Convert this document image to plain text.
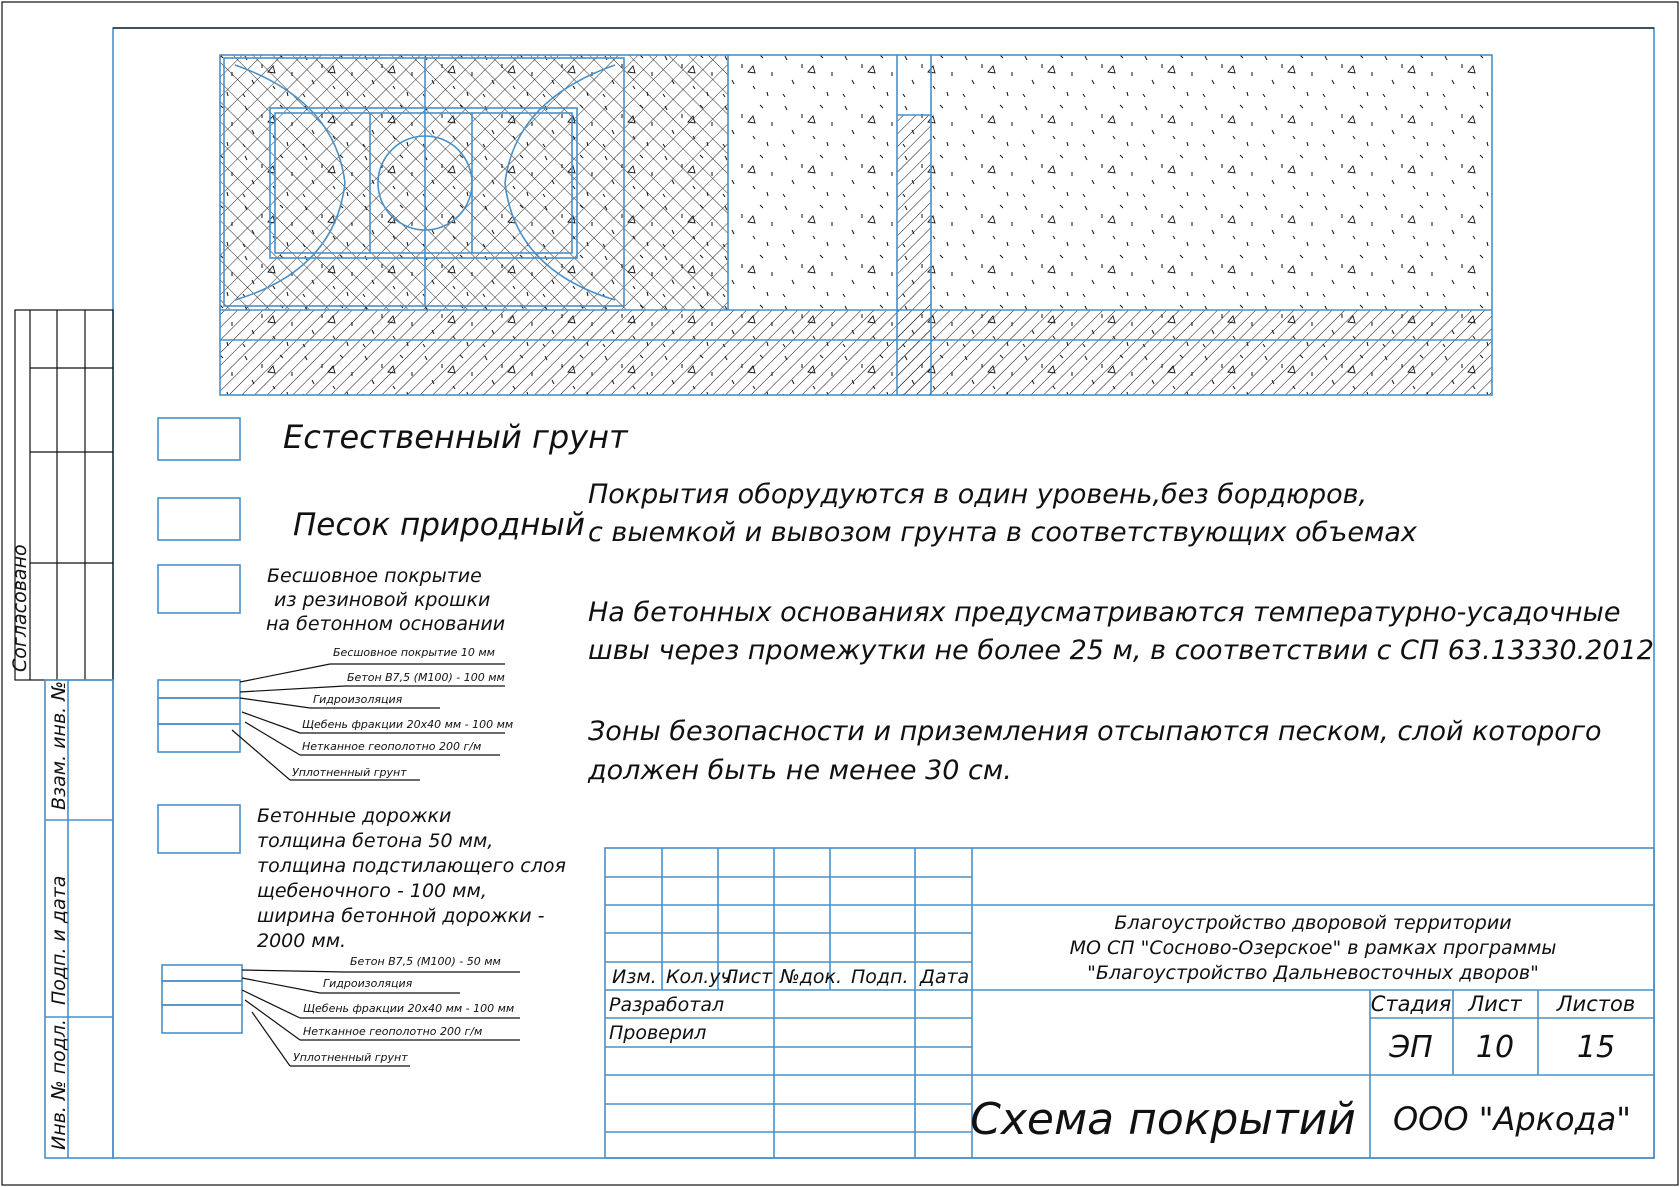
Согласовано
Взам. инв. №
Подп. и дата
Инв. № подл.
Естественный грунт
Песок природный
Бесшовное покрытие
из резиновой крошки
на бетонном основании
Бесшовное покрытие 10 мм
Бетон В7,5 (М100) - 100 мм
Гидроизоляция
Щебень фракции 20х40 мм - 100 мм
Нетканное геополотно 200 г/м
Уплотненный грунт
Бетонные дорожки
толщина бетона 50 мм,
толщина подстилающего слоя
щебеночного - 100 мм,
ширина бетонной дорожки -
2000 мм.
Бетон В7,5 (М100) - 50 мм
Гидроизоляция
Щебень фракции 20х40 мм - 100 мм
Нетканное геополотно 200 г/м
Уплотненный грунт
Покрытия оборудуются в один уровень,без бордюров,
с выемкой и вывозом грунта в соответствующих объемах
На бетонных основаниях предусматриваются температурно-усадочные
швы через промежутки не более 25 м, в соответствии с СП 63.13330.2012
Зоны безопасности и приземления отсыпаются песком, слой которого
должен быть не менее 30 см.
Изм. Кол.уч.
Лист №док. Подп. Дата
Разработал
Проверил
Благоустройство дворовой территории
МО СП "Сосново-Озерское" в рамках программы
"Благоустройство Дальневосточных дворов"
Стадия Лист Листов
ЭП 10 15
Схема покрытий ООО "Аркода"
